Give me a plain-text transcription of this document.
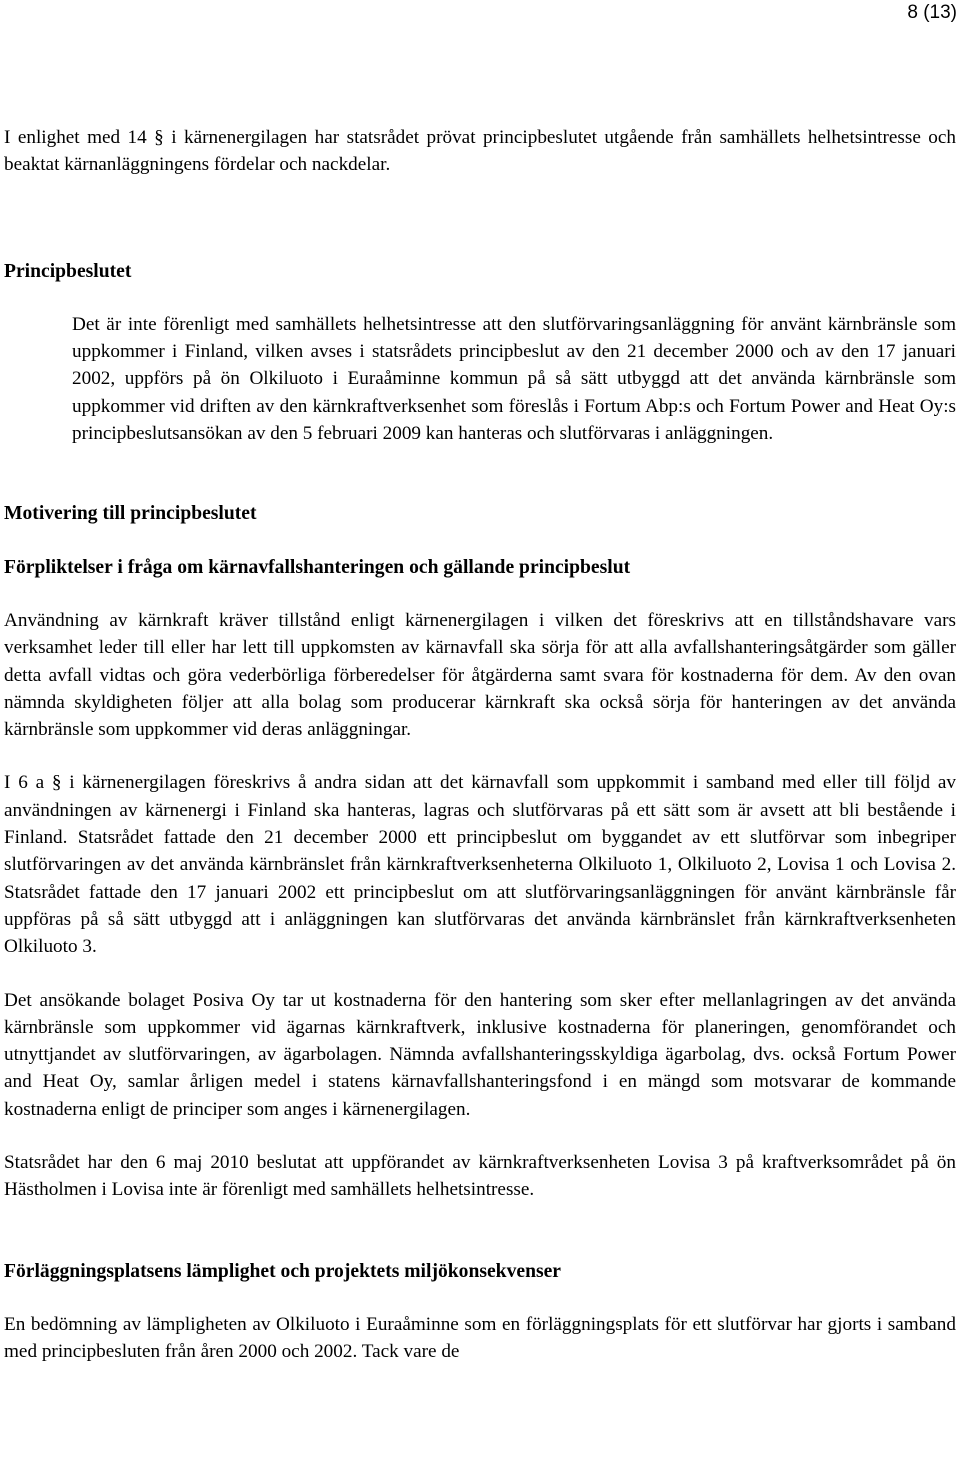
8 (13)

I enlighet med 14 § i kärnenergilagen har statsrådet prövat principbeslutet utgående från samhällets helhetsintresse och beaktat kärnanläggningens fördelar och nackdelar.

Principbeslutet

Det är inte förenligt med samhällets helhetsintresse att den slutförvaringsanläggning för använt kärnbränsle som uppkommer i Finland, vilken avses i statsrådets principbeslut av den 21 december 2000 och av den 17 januari 2002, uppförs på ön Olkiluoto i Euraåminne kommun på så sätt utbyggd att det använda kärnbränsle som uppkommer vid driften av den kärnkraftverksenhet som föreslås i Fortum Abp:s och Fortum Power and Heat Oy:s principbeslutsansökan av den 5 februari 2009 kan hanteras och slutförvaras i anläggningen.

Motivering till principbeslutet
Förpliktelser i fråga om kärnavfallshanteringen och gällande principbeslut

Användning av kärnkraft kräver tillstånd enligt kärnenergilagen i vilken det föreskrivs att en tillståndshavare vars verksamhet leder till eller har lett till uppkomsten av kärnavfall ska sörja för att alla avfallshanteringsåtgärder som gäller detta avfall vidtas och göra vederbörliga förberedelser för åtgärderna samt svara för kostnaderna för dem. Av den ovan nämnda skyldigheten följer att alla bolag som producerar kärnkraft ska också sörja för hanteringen av det använda kärnbränsle som uppkommer vid deras anläggningar.

I 6 a § i kärnenergilagen föreskrivs å andra sidan att det kärnavfall som uppkommit i samband med eller till följd av användningen av kärnenergi i Finland ska hanteras, lagras och slutförvaras på ett sätt som är avsett att bli bestående i Finland. Statsrådet fattade den 21 december 2000 ett principbeslut om byggandet av ett slutförvar som inbegriper slutförvaringen av det använda kärnbränslet från kärnkraftverksenheterna Olkiluoto 1, Olkiluoto 2, Lovisa 1 och Lovisa 2. Statsrådet fattade den 17 januari 2002 ett principbeslut om att slutförvaringsanläggningen för använt kärnbränsle får uppföras på så sätt utbyggd att i anläggningen kan slutförvaras det använda kärnbränslet från kärnkraftverksenheten Olkiluoto 3.

Det ansökande bolaget Posiva Oy tar ut kostnaderna för den hantering som sker efter mellanlagringen av det använda kärnbränsle som uppkommer vid ägarnas kärnkraftverk, inklusive kostnaderna för planeringen, genomförandet och utnyttjandet av slutförvaringen, av ägarbolagen. Nämnda avfallshanteringsskyldiga ägarbolag, dvs. också Fortum Power and Heat Oy, samlar årligen medel i statens kärnavfallshanteringsfond i en mängd som motsvarar de kommande kostnaderna enligt de principer som anges i kärnenergilagen.

Statsrådet har den 6 maj 2010 beslutat att uppförandet av kärnkraftverksenheten Lovisa 3 på kraftverksområdet på ön Hästholmen i Lovisa inte är förenligt med samhällets helhetsintresse.

Förläggningsplatsens lämplighet och projektets miljökonsekvenser

En bedömning av lämpligheten av Olkiluoto i Euraåminne som en förläggningsplats för ett slutförvar har gjorts i samband med principbesluten från åren 2000 och 2002. Tack vare de
